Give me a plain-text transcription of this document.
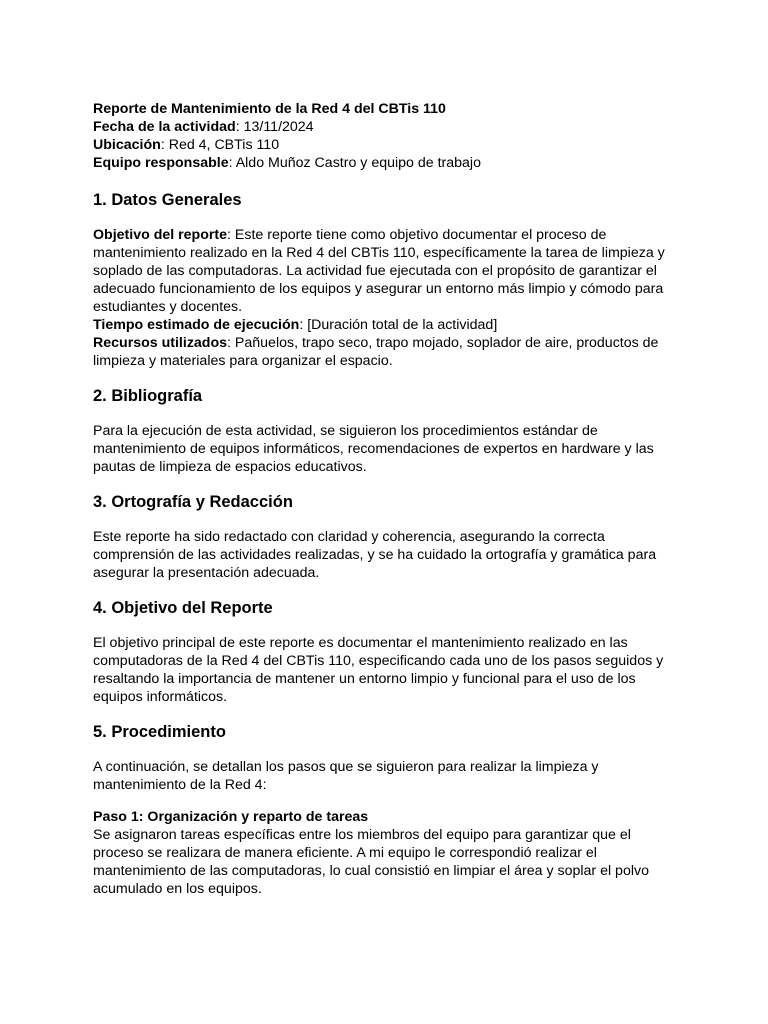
Reporte de Mantenimiento de la Red 4 del CBTis 110

Fecha de la actividad: 13/11/2024

Ubicación: Red 4, CBTis 110

Equipo responsable: Aldo Muñoz Castro y equipo de trabajo

1. Datos Generales

Objetivo del reporte: Este reporte tiene como objetivo documentar el proceso de mantenimiento realizado en la Red 4 del CBTis 110, específicamente la tarea de limpieza y soplado de las computadoras. La actividad fue ejecutada con el propósito de garantizar el adecuado funcionamiento de los equipos y asegurar un entorno más limpio y cómodo para estudiantes y docentes.

Tiempo estimado de ejecución: [Duración total de la actividad]

Recursos utilizados: Pañuelos, trapo seco, trapo mojado, soplador de aire, productos de limpieza y materiales para organizar el espacio.

2. Bibliografía

Para la ejecución de esta actividad, se siguieron los procedimientos estándar de mantenimiento de equipos informáticos, recomendaciones de expertos en hardware y las pautas de limpieza de espacios educativos.

3. Ortografía y Redacción

Este reporte ha sido redactado con claridad y coherencia, asegurando la correcta comprensión de las actividades realizadas, y se ha cuidado la ortografía y gramática para asegurar la presentación adecuada.

4. Objetivo del Reporte

El objetivo principal de este reporte es documentar el mantenimiento realizado en las computadoras de la Red 4 del CBTis 110, especificando cada uno de los pasos seguidos y resaltando la importancia de mantener un entorno limpio y funcional para el uso de los equipos informáticos.

5. Procedimiento

A continuación, se detallan los pasos que se siguieron para realizar la limpieza y mantenimiento de la Red 4:

Paso 1: Organización y reparto de tareas

Se asignaron tareas específicas entre los miembros del equipo para garantizar que el proceso se realizara de manera eficiente. A mi equipo le correspondió realizar el mantenimiento de las computadoras, lo cual consistió en limpiar el área y soplar el polvo acumulado en los equipos.
